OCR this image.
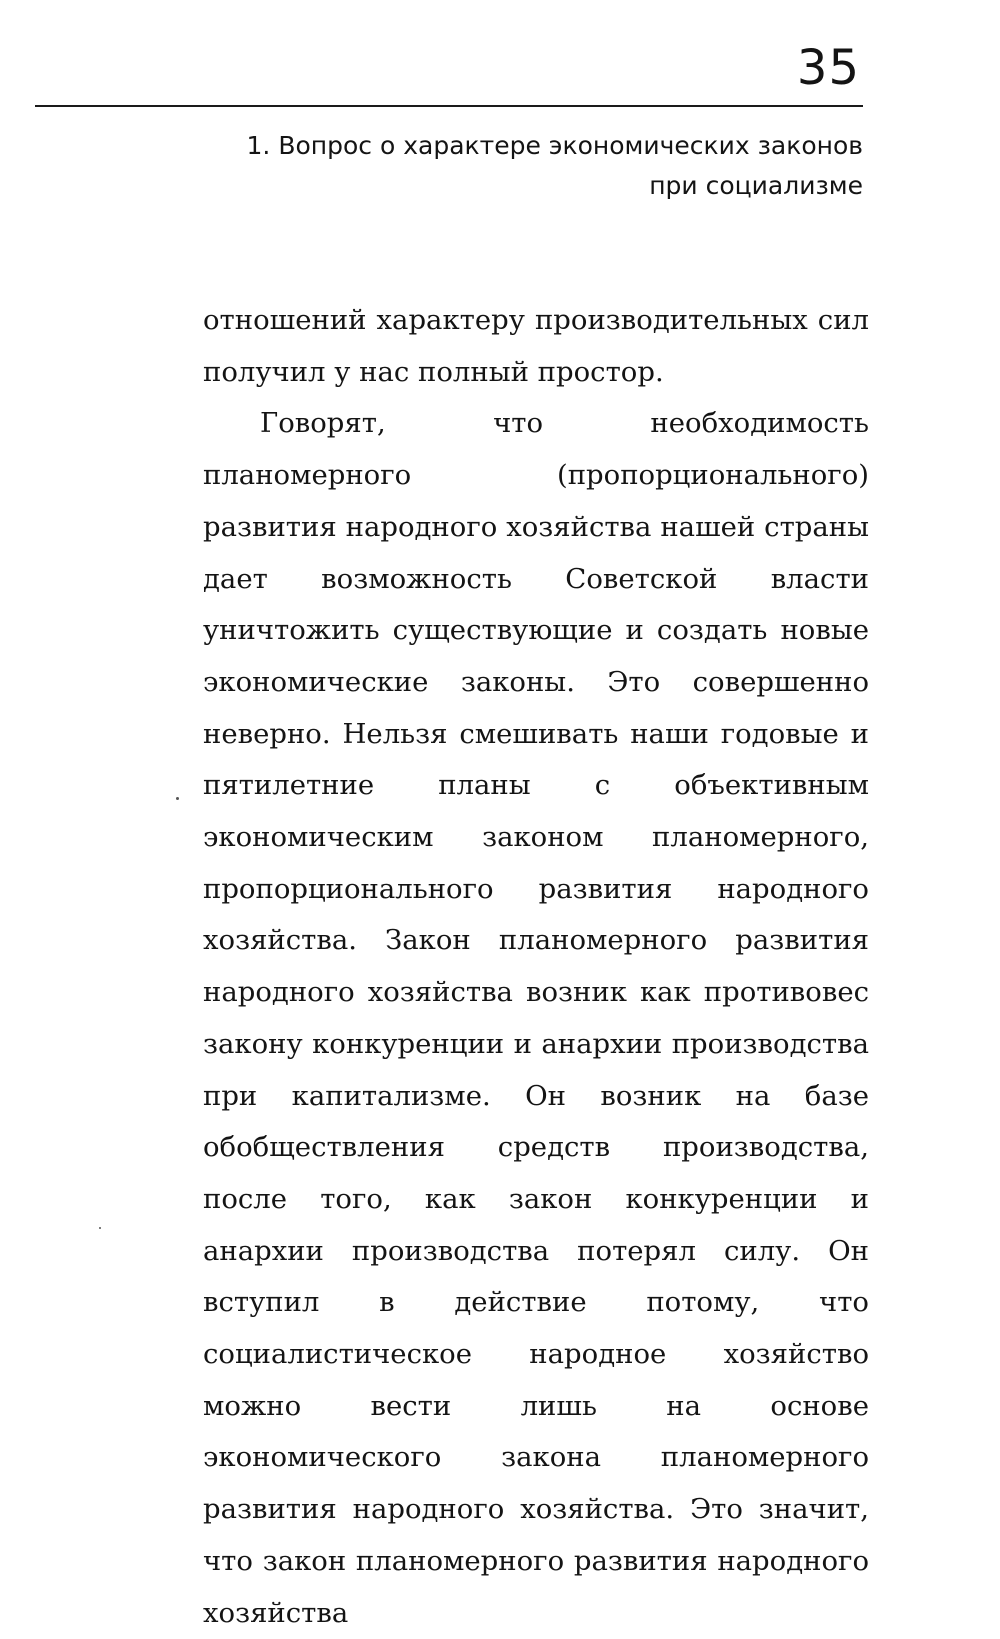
35
1. Вопрос о характере экономических законов
при социализме

отношений характеру производительных сил получил у нас полный простор.

Говорят, что необходимость планомерного (пропорционального) развития народного хозяйства нашей страны дает возможность Советской власти уничтожить существующие и создать новые экономические законы. Это совершенно неверно. Нельзя смешивать наши годовые и пятилетние планы с объективным экономическим законом планомерного, пропорционального развития народного хозяйства. Закон планомерного развития народного хозяйства возник как противовес закону конкуренции и анархии производства при капитализме. Он возник на базе обобществления средств производства, после того, как закон конкуренции и анархии производства потерял силу. Он вступил в действие потому, что социалистическое народное хозяйство можно вести лишь на основе экономического закона планомерного развития народного хозяйства. Это значит, что закон планомерного развития народного хозяйства
